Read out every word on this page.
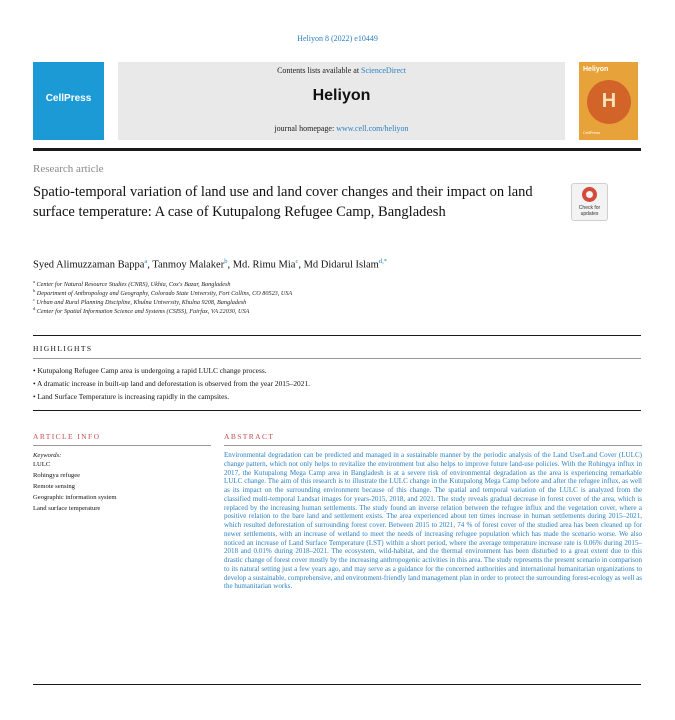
Heliyon 8 (2022) e10449
CellPress
Contents lists available at ScienceDirect
Heliyon
journal homepage: www.cell.com/heliyon
Heliyon
H
CellPress
Research article
Spatio-temporal variation of land use and land cover changes and their impact on land surface temperature: A case of Kutupalong Refugee Camp, Bangladesh	Check for updates
Syed Alimuzzaman Bappa$^a$, Tanmoy Malaker$^b$, Md. Rimu Mia$^c$, Md Didarul Islam$^{d,*}$
$^a$ Center for Natural Resource Studies (CNRS), Ukhia, Cox's Bazar, Bangladesh
$^b$ Department of Anthropology and Geography, Colorado State University, Fort Collins, CO 80523, USA
$^c$ Urban and Rural Planning Discipline, Khulna University, Khulna 9208, Bangladesh
$^d$ Center for Spatial Information Science and Systems (CSISS), Fairfax, VA 22030, USA
HIGHLIGHTS
• Kutupalong Refugee Camp area is undergoing a rapid LULC change process.
• A dramatic increase in built-up land and deforestation is observed from the year 2015–2021.
• Land Surface Temperature is increasing rapidly in the campsites.
ARTICLE INFO
Keywords:
LULC
Rohingya refugee
Remote sensing
Geographic information system
Land surface temperature
ABSTRACT
Environmental degradation can be predicted and managed in a sustainable manner by the periodic analysis of the Land Use/Land Cover (LULC) change pattern, which not only helps to revitalize the environment but also helps to improve future land-use policies. With the Rohingya influx in 2017, the Kutupalong Mega Camp area in Bangladesh is at a severe risk of environmental degradation as the area is experiencing remarkable LULC change. The aim of this research is to illustrate the LULC change in the Kutupalong Mega Camp before and after the refugee influx, as well as its impact on the surrounding environment because of this change. The spatial and temporal variation of the LULC is analyzed from the classified multi-temporal Landsat images for years-2015, 2018, and 2021. The study reveals gradual decrease in forest cover of the area, which is replaced by the increasing human settlements. The study found an inverse relation between the refugee influx and the vegetation cover, where a positive relation to the bare land and settlement exists. The area experienced about ten times increase in human settlements during 2015–2021, which resulted deforestation of surrounding forest cover. Between 2015 to 2021, 74 % of forest cover of the studied area has been cleaned up for newer settlements, with an increase of wetland to meet the needs of increasing refugee population which has made the scenario worse. We also noticed an increase of Land Surface Temperature (LST) within a short period, where the average temperature increase rate is 0.06% during 2015–2018 and 0.01% during 2018–2021. The ecosystem, wild-habitat, and the thermal environment has been disturbed to a great extent due to this drastic change of forest cover mostly by the increasing anthropogenic activities in this area. The study represents the present scenario in comparison to its natural setting just a few years ago, and may serve as a guidance for the concerned authorities and international humanitarian organizations to develop a sustainable, comprehensive, and environment-friendly land management plan in order to protect the surrounding forest-ecology as well as the humanitarian works.
